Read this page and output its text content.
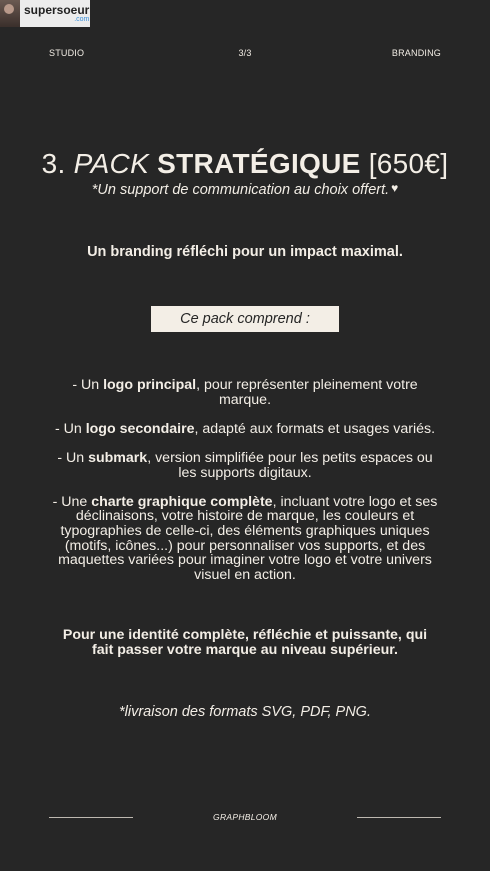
supersoeur
.com
STUDIO	3/3	BRANDING
3. PACK STRATÉGIQUE [650€]
*Un support de communication au choix offert. ♥
Un branding réfléchi pour un impact maximal.
Ce pack comprend :

- Un logo principal, pour représenter pleinement votre marque.

- Un logo secondaire, adapté aux formats et usages variés.

- Un submark, version simplifiée pour les petits espaces ou les supports digitaux.

- Une charte graphique complète, incluant votre logo et ses déclinaisons, votre histoire de marque, les couleurs et typographies de celle-ci, des éléments graphiques uniques (motifs, icônes...) pour personnaliser vos supports, et des maquettes variées pour imaginer votre logo et votre univers visuel en action.

Pour une identité complète, réfléchie et puissante, qui fait passer votre marque au niveau supérieur.
*livraison des formats SVG, PDF, PNG.
GRAPHBLOOM
